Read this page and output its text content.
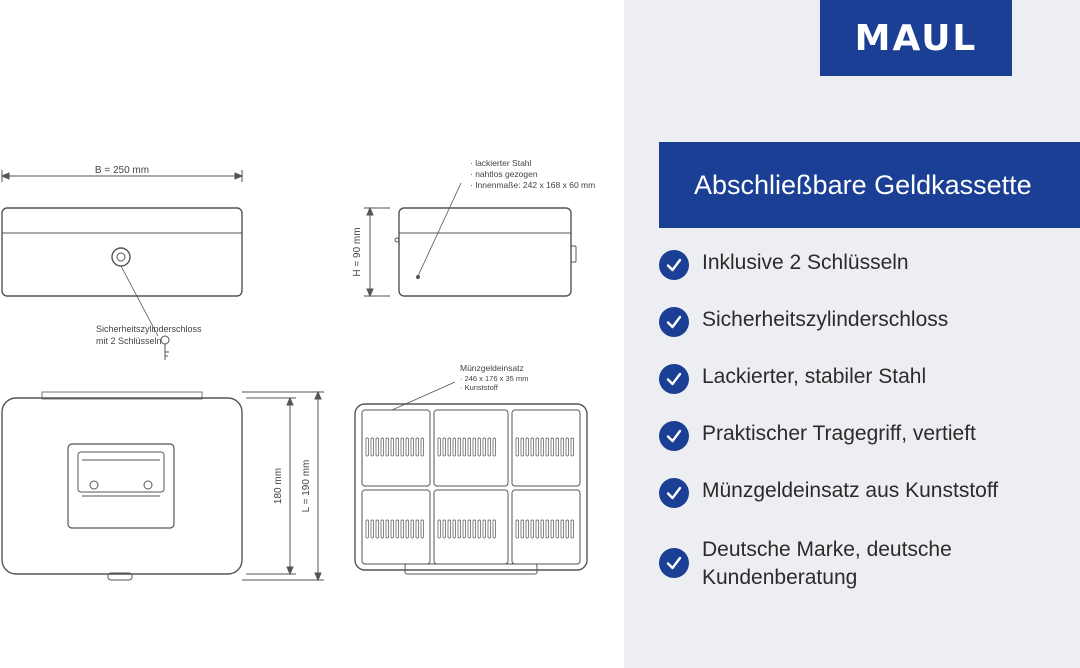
B = 250 mm
H = 90 mm
180 mm L = 190 mm
Sicherheitszylinderschloss
mit 2 Schlüsseln
· lackierter Stahl
· nahtlos gezogen
· Innenmaße: 242 x 168 x 60 mm
Münzgeldeinsatz
· 246 x 176 x 35 mm
· Kunststoff
MAUL
Abschließbare Geldkassette
Inklusive 2 Schlüsseln
Sicherheitszylinderschloss
Lackierter, stabiler Stahl
Praktischer Tragegriff, vertieft
Münzgeldeinsatz aus Kunststoff
Deutsche Marke, deutsche Kundenberatung
